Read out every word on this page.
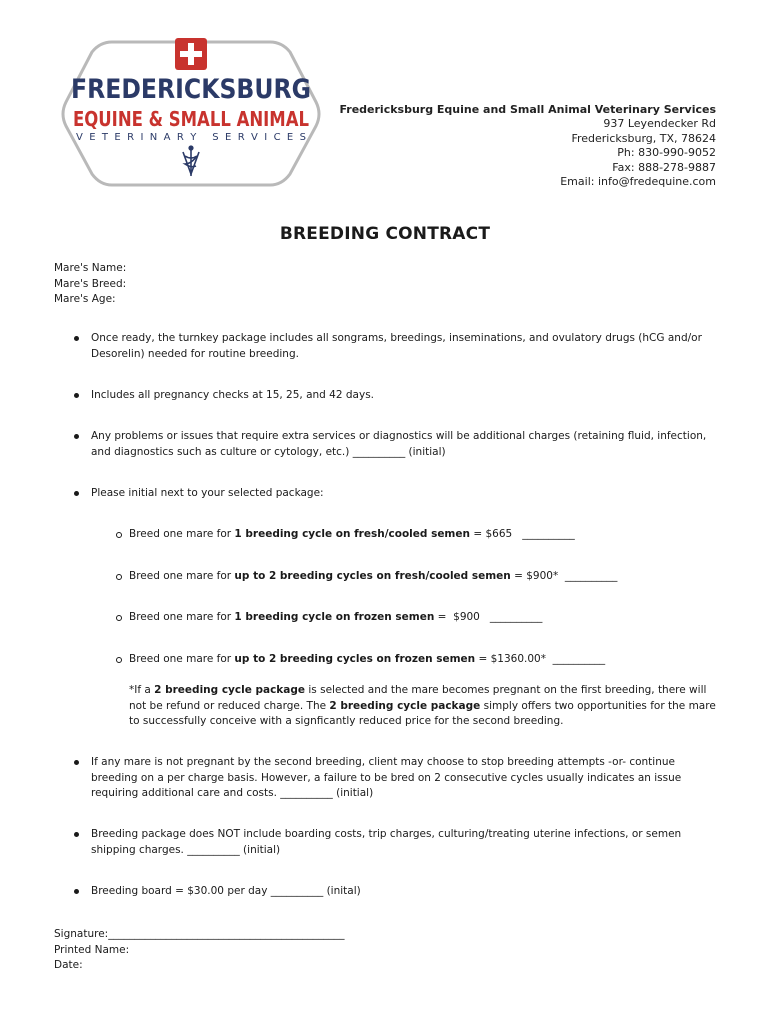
FREDERICKSBURG
EQUINE & SMALL ANIMAL
V E T E R I N A R Y   S E R V I C E S
Fredericksburg Equine and Small Animal Veterinary Services
937 Leyendecker Rd
Fredericksburg, TX, 78624
Ph: 830-990-9052
Fax: 888-278-9887
Email: info@fredequine.com
BREEDING CONTRACT
Mare's Name:
Mare's Breed:
Mare's Age:
Once ready, the turnkey package includes all songrams, breedings, inseminations, and ovulatory drugs (hCG and/or Desorelin) needed for routine breeding.
Includes all pregnancy checks at 15, 25, and 42 days.
Any problems or issues that require extra services or diagnostics will be additional charges (retaining fluid, infection, and diagnostics such as culture or cytology, etc.) __________ (initial)
Please initial next to your selected package:
Breed one mare for 1 breeding cycle on fresh/cooled semen = $665   __________
Breed one mare for up to 2 breeding cycles on fresh/cooled semen = $900*  __________
Breed one mare for 1 breeding cycle on frozen semen =  $900   __________
Breed one mare for up to 2 breeding cycles on frozen semen = $1360.00*  __________
*If a 2 breeding cycle package is selected and the mare becomes pregnant on the first breeding, there will not be refund or reduced charge. The 2 breeding cycle package simply offers two opportunities for the mare to successfully conceive with a signficantly reduced price for the second breeding.
If any mare is not pregnant by the second breeding, client may choose to stop breeding attempts -or- continue breeding on a per charge basis. However, a failure to be bred on 2 consecutive cycles usually indicates an issue requiring additional care and costs. __________ (initial)
Breeding package does NOT include boarding costs, trip charges, culturing/treating uterine infections, or semen shipping charges. __________ (initial)
Breeding board = $30.00 per day __________ (inital)
Signature:_____________________________________________
Printed Name:
Date:
